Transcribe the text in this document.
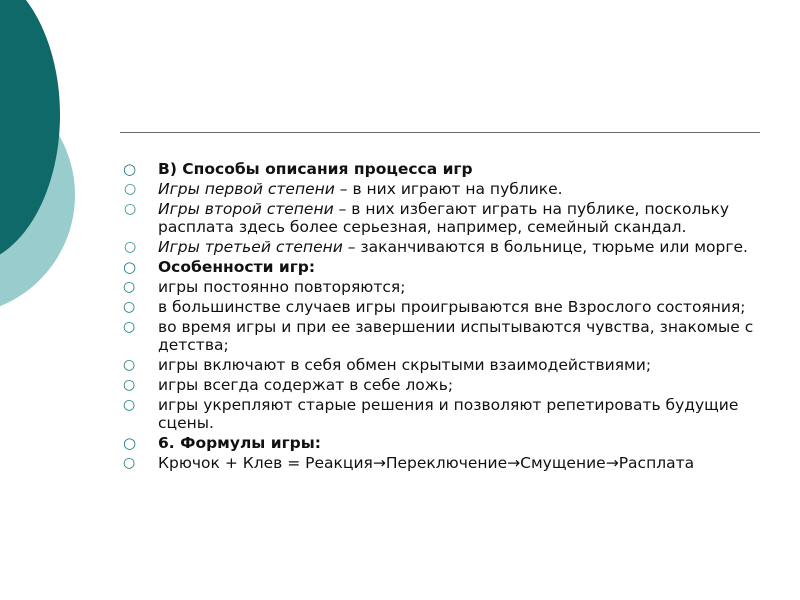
○ В) Способы описания процесса игр
○ Игры первой степени – в них играют на публике.
○ Игры второй степени – в них избегают играть на публике, поскольку расплата здесь более серьезная, например, семейный скандал.
○ Игры третьей степени – заканчиваются в больнице, тюрьме или морге.
○ Особенности игр:
○ игры постоянно повторяются;
○ в большинстве случаев игры проигрываются вне Взрослого состояния;
○ во время игры и при ее завершении испытываются чувства, знакомые с детства;
○ игры включают в себя обмен скрытыми взаимодействиями;
○ игры всегда содержат в себе ложь;
○ игры укрепляют старые решения и позволяют репетировать будущие сцены.
○ 6. Формулы игры:
○ Крючок + Клев = Реакция→Переключение→Смущение→Расплата
